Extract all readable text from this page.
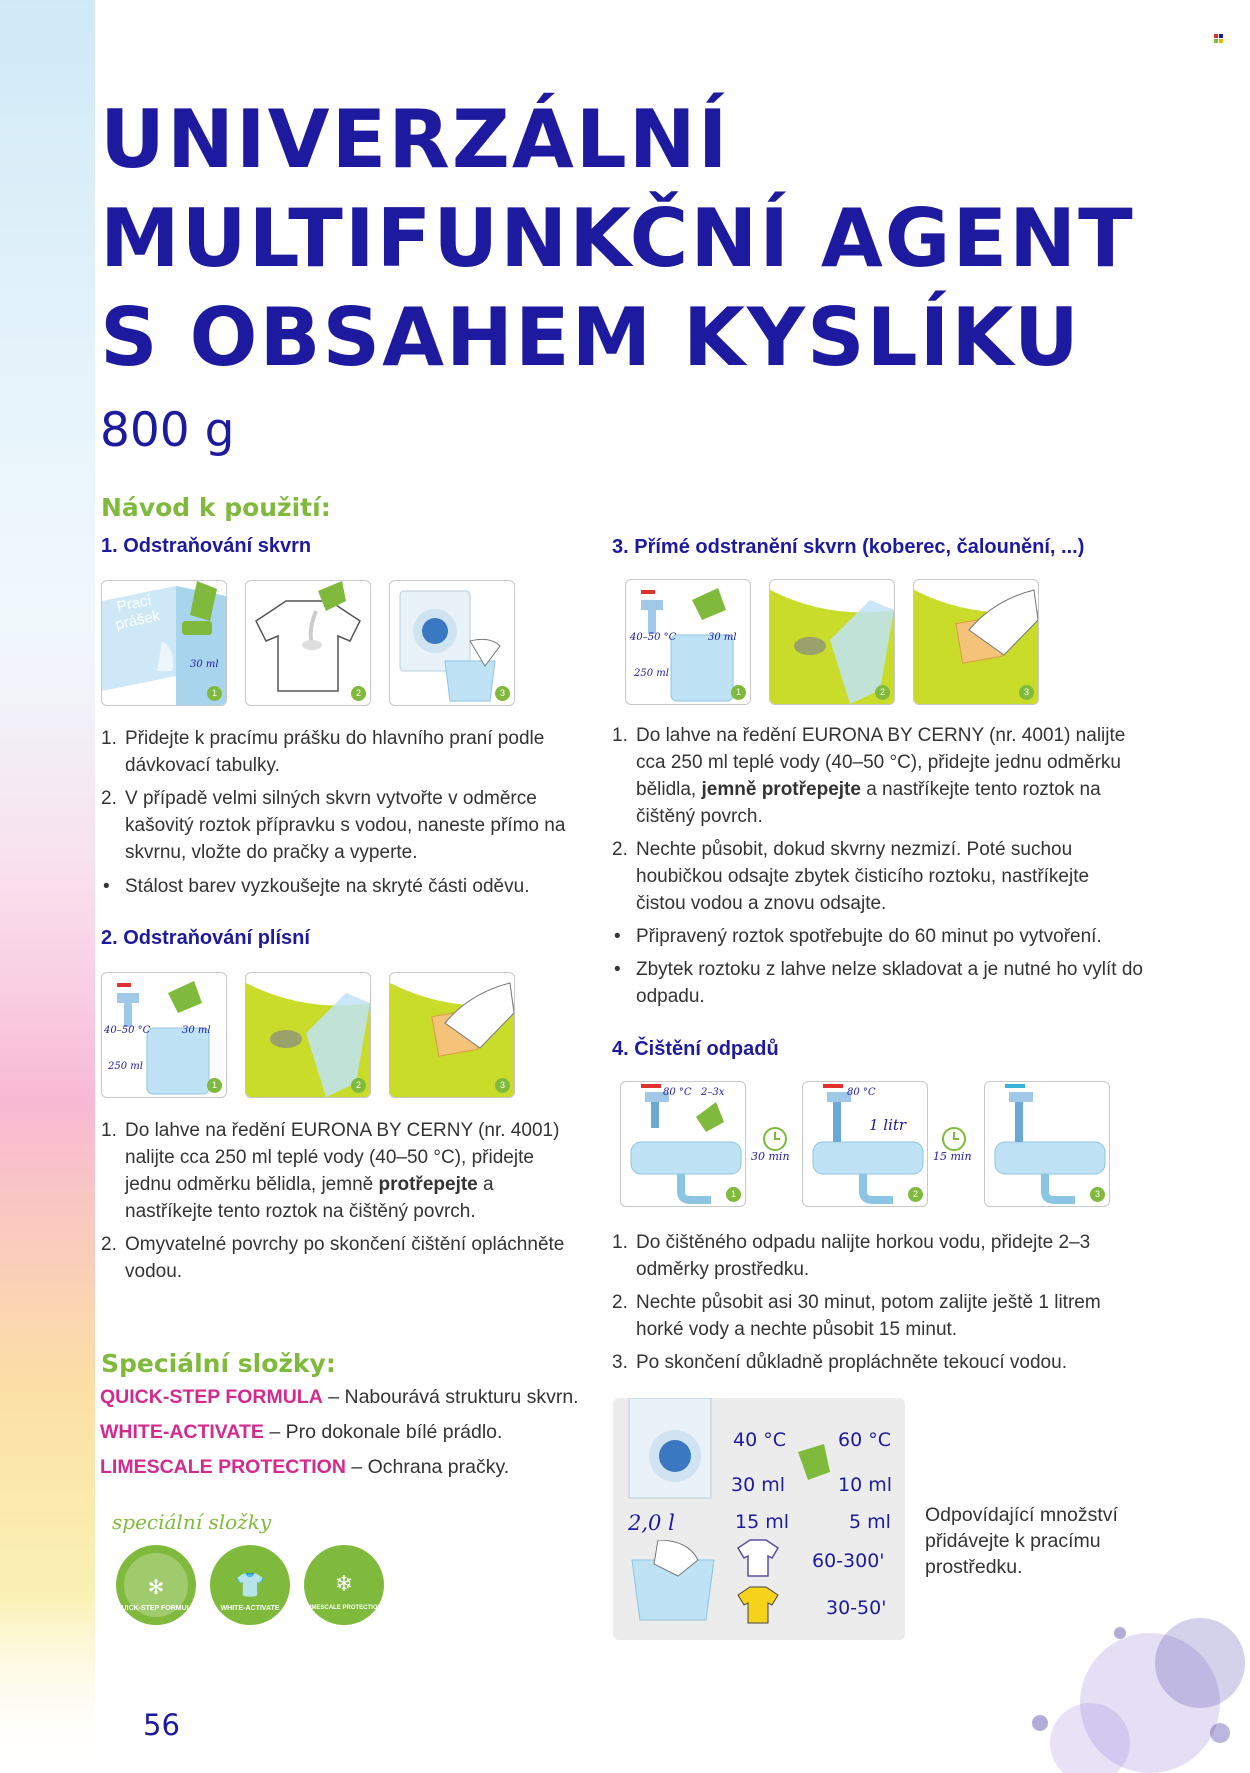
UNIVERZÁLNÍ
MULTIFUNKČNÍ AGENT
S OBSAHEM KYSLÍKU
800 g
Návod k použití:
1. Odstraňování skvrn
Prací prášek
30 ml
1	2	3
1. Přidejte k pracímu prášku do hlavního praní podle dávkovací tabulky.
2. V případě velmi silných skvrn vytvořte v odměrce kašovitý roztok přípravku s vodou, naneste přímo na skvrnu, vložte do pračky a vyperte.
• Stálost barev vyzkoušejte na skryté části oděvu.
2. Odstraňování plísní
40–50 °C	30 ml
250 ml
1	2	3
1. Do lahve na ředění EURONA BY CERNY (nr. 4001) nalijte cca 250 ml teplé vody (40–50 °C), přidejte jednu odměrku bělidla, jemně protřepejte a nastříkejte tento roztok na čištěný povrch.
2. Omyvatelné povrchy po skončení čištění opláchněte vodou.
3. Přímé odstranění skvrn (koberec, čalounění, ...)
40–50 °C	30 ml
250 ml
1	2	3
1. Do lahve na ředění EURONA BY CERNY (nr. 4001) nalijte cca 250 ml teplé vody (40–50 °C), přidejte jednu odměrku bělidla, jemně protřepejte a nastříkejte tento roztok na čištěný povrch.
2. Nechte působit, dokud skvrny nezmizí. Poté suchou houbičkou odsajte zbytek čisticího roztoku, nastříkejte čistou vodou a znovu odsajte.
• Připravený roztok spotřebujte do 60 minut po vytvoření.
• Zbytek roztoku z lahve nelze skladovat a je nutné ho vylít do odpadu.
4. Čištění odpadů
80 °C 2–3x
1
80 °C
1 litr
2	3
30 min	15 min
1. Do čištěného odpadu nalijte horkou vodu, přidejte 2–3 odměrky prostředku.
2. Nechte působit asi 30 minut, potom zalijte ještě 1 litrem horké vody a nechte působit 15 minut.
3. Po skončení důkladně propláchněte tekoucí vodou.
Speciální složky:
QUICK-STEP FORMULA – Nabourává strukturu skvrn.
WHITE-ACTIVATE – Pro dokonale bílé prádlo.
LIMESCALE PROTECTION – Ochrana pračky.
speciální složky
✻
QUICK-STEP FORMULA
👕
WHITE-ACTIVATE
❄
LIMESCALE PROTECTION
40 °C	60 °C
30 ml	10 ml
2,0 l	15 ml	5 ml
60-300'
30-50'
Odpovídající množství přidávejte k pracímu prostředku.
56
